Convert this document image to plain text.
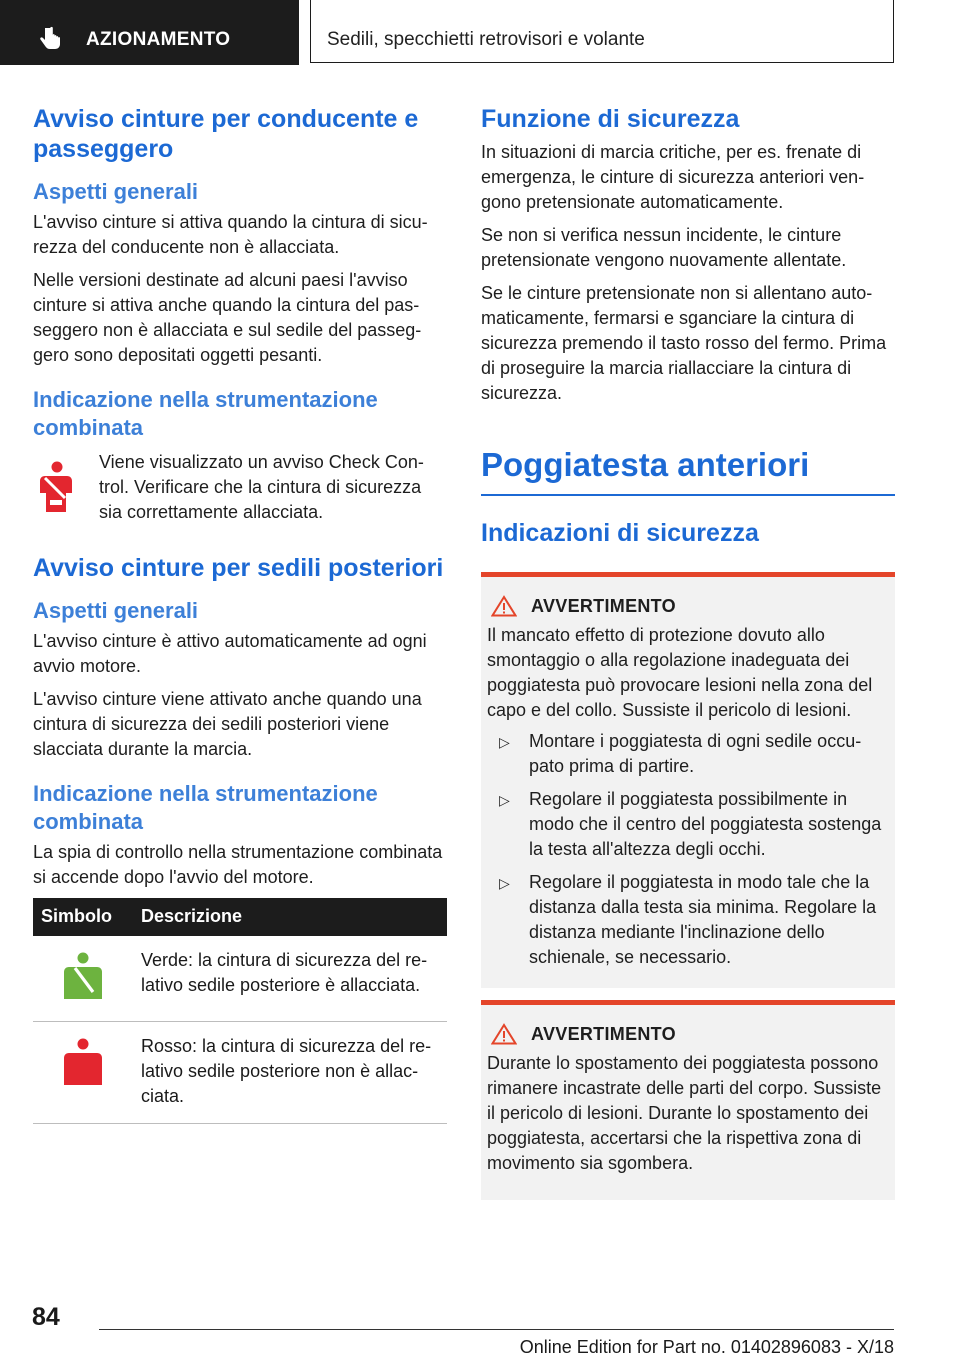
AZIONAMENTO	Sedili, specchietti retrovisori e volante
Avviso cinture per conducente e passeggero
Aspetti generali

L'avviso cinture si attiva quando la cintura di sicurezza del conducente non è allacciata.

Nelle versioni destinate ad alcuni paesi l'avviso cinture si attiva anche quando la cintura del passeggero non è allacciata e sul sedile del passeggero sono depositati oggetti pesanti.

Indicazione nella strumentazione combinata

Viene visualizzato un avviso Check Control. Verificare che la cintura di sicurezza sia correttamente allacciata.

Avviso cinture per sedili posteriori
Aspetti generali

L'avviso cinture è attivo automaticamente ad ogni avvio motore.

L'avviso cinture viene attivato anche quando una cintura di sicurezza dei sedili posteriori viene slacciata durante la marcia.

Indicazione nella strumentazione combinata

La spia di controllo nella strumentazione combinata si accende dopo l'avvio del motore.

Simbolo	Descrizione
	Verde: la cintura di sicurezza del relativo sedile posteriore è allacciata.
	Rosso: la cintura di sicurezza del relativo sedile posteriore non è allacciata.
Funzione di sicurezza

In situazioni di marcia critiche, per es. frenate di emergenza, le cinture di sicurezza anteriori vengono pretensionate automaticamente.

Se non si verifica nessun incidente, le cinture pretensionate vengono nuovamente allentate.

Se le cinture pretensionate non si allentano automaticamente, fermarsi e sganciare la cintura di sicurezza premendo il tasto rosso del fermo. Prima di proseguire la marcia riallacciare la cintura di sicurezza.

Poggiatesta anteriori
Indicazioni di sicurezza
AVVERTIMENTO

Il mancato effetto di protezione dovuto allo smontaggio o alla regolazione inadeguata dei poggiatesta può provocare lesioni nella zona del capo e del collo. Sussiste il pericolo di lesioni.

▷	Montare i poggiatesta di ogni sedile occupato prima di partire.
▷	Regolare il poggiatesta possibilmente in modo che il centro del poggiatesta sostenga la testa all'altezza degli occhi.
▷	Regolare il poggiatesta in modo tale che la distanza dalla testa sia minima. Regolare la distanza mediante l'inclinazione dello schienale, se necessario.
AVVERTIMENTO

Durante lo spostamento dei poggiatesta possono rimanere incastrate delle parti del corpo. Sussiste il pericolo di lesioni. Durante lo spostamento dei poggiatesta, accertarsi che la rispettiva zona di movimento sia sgombera.

84
Online Edition for Part no. 01402896083 - X/18
